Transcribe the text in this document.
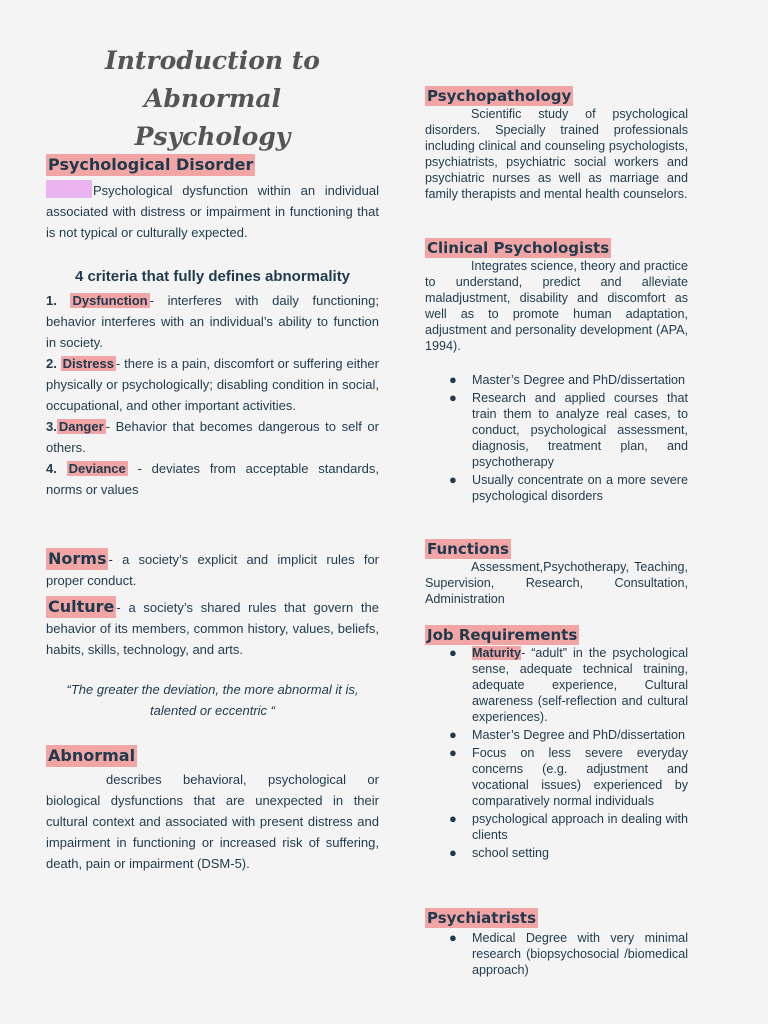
Introduction to Abnormal
Psychology
Psychological Disorder

Psychological dysfunction within an individual associated with distress or impairment in functioning that is not typical or culturally expected.

4 criteria that fully defines abnormality

1. Dysfunction - interferes with daily functioning; behavior interferes with an individual’s ability to function in society.

2. Distress - there is a pain, discomfort or suffering either physically or psychologically; disabling condition in social, occupational, and other important activities.

3. Danger - Behavior that becomes dangerous to self or others.

4. Deviance - deviates from acceptable standards, norms or values

Norms - a society’s explicit and implicit rules for proper conduct.

Culture - a society’s shared rules that govern the behavior of its members, common history, values, beliefs, habits, skills, technology, and arts.

“The greater the deviation, the more abnormal it is,

talented or eccentric “

Abnormal

describes behavioral, psychological or biological dysfunctions that are unexpected in their cultural context and associated with present distress and impairment in functioning or increased risk of suffering, death, pain or impairment (DSM-5).

Psychopathology

Scientific study of psychological disorders. Specially trained professionals including clinical and counseling psychologists, psychiatrists, psychiatric social workers and psychiatric nurses as well as marriage and family therapists and mental health counselors.

Clinical Psychologists

Integrates science, theory and practice to understand, predict and alleviate maladjustment, disability and discomfort as well as to promote human adaptation, adjustment and personality development (APA, 1994).

● Master’s Degree and PhD/dissertation
● Research and applied courses that train them to analyze real cases, to conduct, psychological assessment, diagnosis, treatment plan, and psychotherapy
● Usually concentrate on a more severe psychological disorders
Functions

Assessment,Psychotherapy, Teaching, Supervision, Research, Consultation, Administration

Job Requirements
● Maturity- “adult” in the psychological sense, adequate technical training, adequate experience, Cultural awareness (self-reflection and cultural experiences).
● Master’s Degree and PhD/dissertation
● Focus on less severe everyday concerns (e.g. adjustment and vocational issues) experienced by comparatively normal individuals
● psychological approach in dealing with clients
● school setting
Psychiatrists
● Medical Degree with very minimal research (biopsychosocial /biomedical approach)
